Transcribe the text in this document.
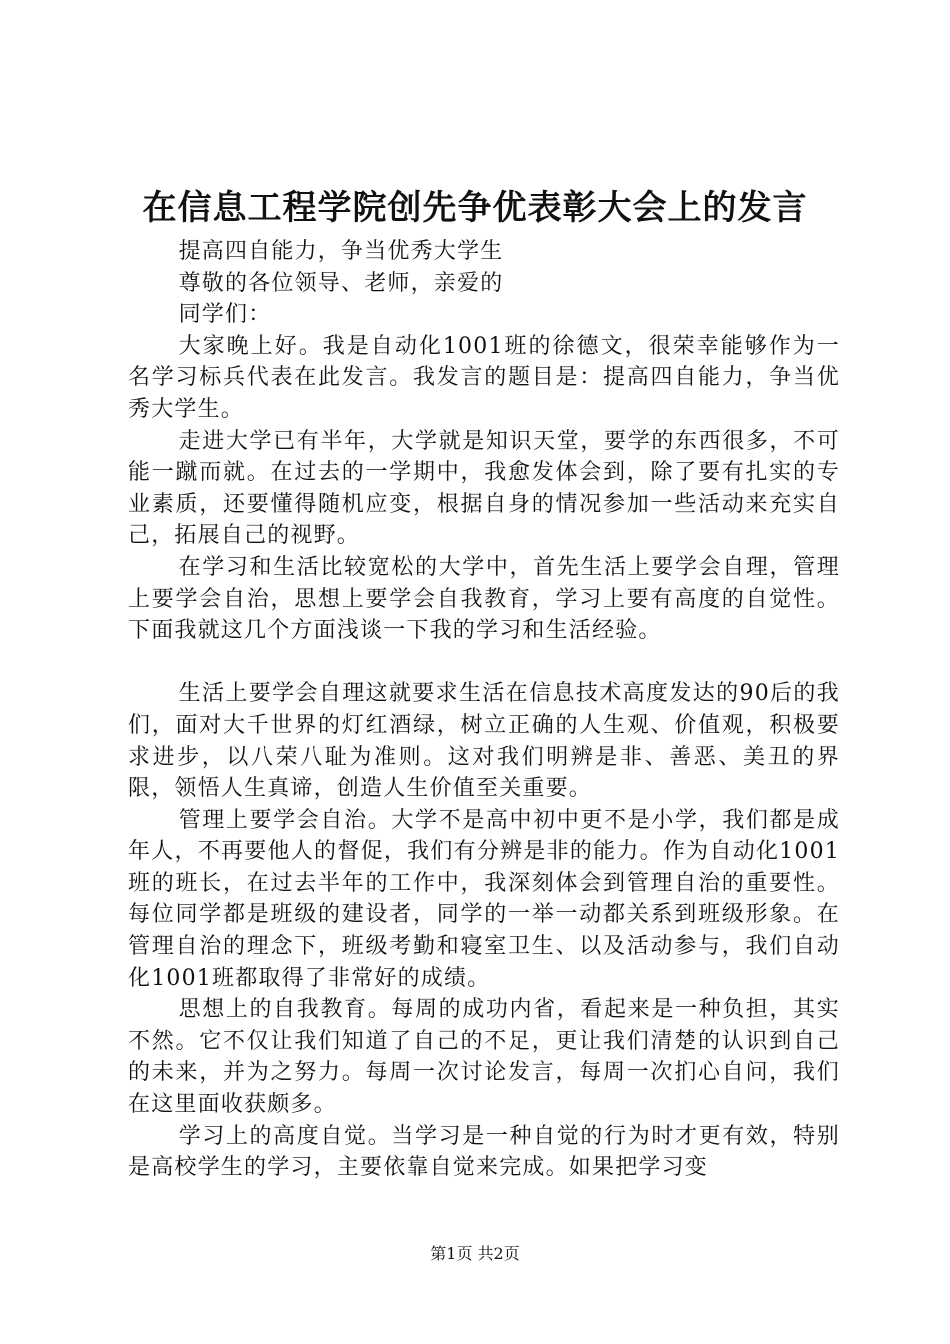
在信息工程学院创先争优表彰大会上的发言

提高四自能力，争当优秀大学生

尊敬的各位领导、老师，亲爱的

同学们：

大家晚上好。我是自动化1001班的徐德文，很荣幸能够作为一名学习标兵代表在此发言。我发言的题目是：提高四自能力，争当优秀大学生。

走进大学已有半年，大学就是知识天堂，要学的东西很多，不可能一蹴而就。在过去的一学期中，我愈发体会到，除了要有扎实的专业素质，还要懂得随机应变，根据自身的情况参加一些活动来充实自己，拓展自己的视野。

在学习和生活比较宽松的大学中，首先生活上要学会自理，管理上要学会自治，思想上要学会自我教育，学习上要有高度的自觉性。下面我就这几个方面浅谈一下我的学习和生活经验。

生活上要学会自理这就要求生活在信息技术高度发达的90后的我们，面对大千世界的灯红酒绿，树立正确的人生观、价值观，积极要求进步，以八荣八耻为准则。这对我们明辨是非、善恶、美丑的界限，领悟人生真谛，创造人生价值至关重要。

管理上要学会自治。大学不是高中初中更不是小学，我们都是成年人，不再要他人的督促，我们有分辨是非的能力。作为自动化1001班的班长，在过去半年的工作中，我深刻体会到管理自治的重要性。每位同学都是班级的建设者，同学的一举一动都关系到班级形象。在管理自治的理念下，班级考勤和寝室卫生、以及活动参与，我们自动化1001班都取得了非常好的成绩。

思想上的自我教育。每周的成功内省，看起来是一种负担，其实不然。它不仅让我们知道了自己的不足，更让我们清楚的认识到自己的未来，并为之努力。每周一次讨论发言，每周一次扪心自问，我们在这里面收获颇多。

学习上的高度自觉。当学习是一种自觉的行为时才更有效，特别是高校学生的学习，主要依靠自觉来完成。如果把学习变

第1页 共2页
